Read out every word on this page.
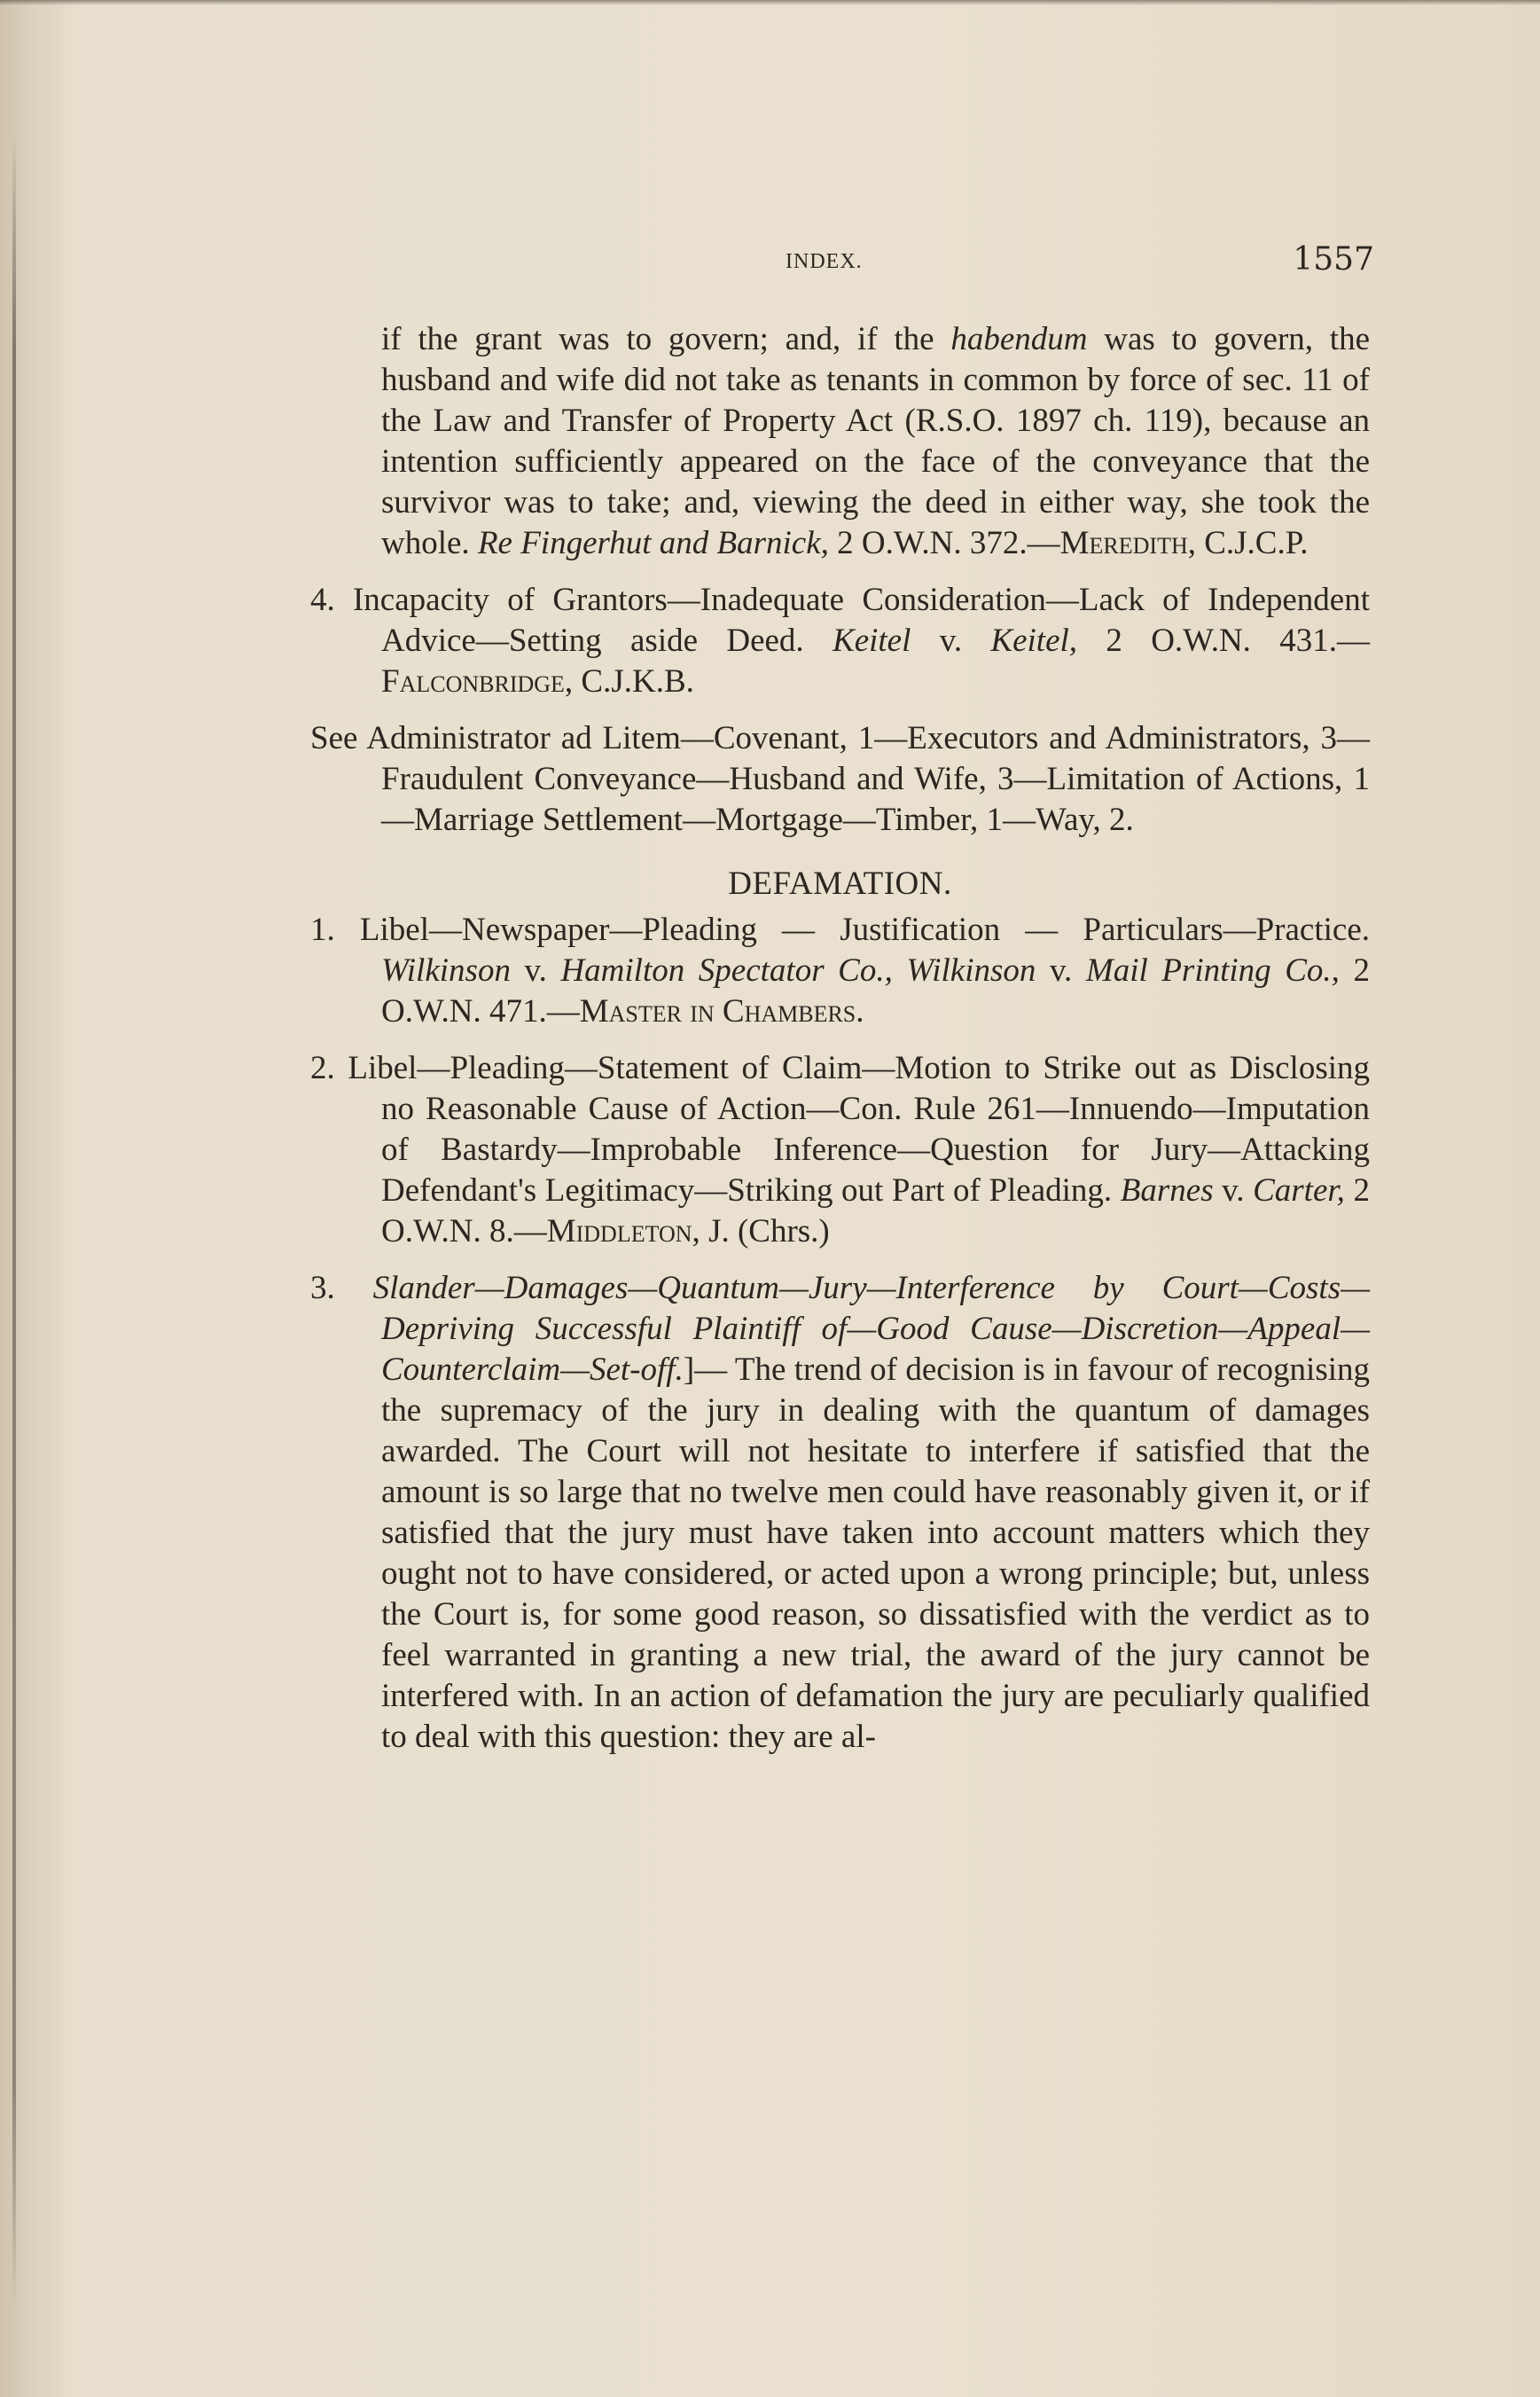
INDEX.	1557

if the grant was to govern; and, if the habendum was to govern, the husband and wife did not take as tenants in common by force of sec. 11 of the Law and Transfer of Property Act (R.S.O. 1897 ch. 119), because an intention sufficiently appeared on the face of the conveyance that the survivor was to take; and, viewing the deed in either way, she took the whole. Re Fingerhut and Barnick, 2 O.W.N. 372.—Meredith, C.J.C.P.

4. Incapacity of Grantors—Inadequate Consideration—Lack of Independent Advice—Setting aside Deed. Keitel v. Keitel, 2 O.W.N. 431.—Falconbridge, C.J.K.B.

See Administrator ad Litem—Covenant, 1—Executors and Administrators, 3—Fraudulent Conveyance—Husband and Wife, 3—Limitation of Actions, 1—Marriage Settlement—Mortgage—Timber, 1—Way, 2.

DEFAMATION.

1. Libel—Newspaper—Pleading — Justification — Particulars—Practice. Wilkinson v. Hamilton Spectator Co., Wilkinson v. Mail Printing Co., 2 O.W.N. 471.—Master in Chambers.

2. Libel—Pleading—Statement of Claim—Motion to Strike out as Disclosing no Reasonable Cause of Action—Con. Rule 261—Innuendo—Imputation of Bastardy—Improbable Inference—Question for Jury—Attacking Defendant's Legitimacy—Striking out Part of Pleading. Barnes v. Carter, 2 O.W.N. 8.—Middleton, J. (Chrs.)

3. Slander—Damages—Quantum—Jury—Interference by Court—Costs—Depriving Successful Plaintiff of—Good Cause—Discretion—Appeal—Counterclaim—Set-off.]— The trend of decision is in favour of recognising the supremacy of the jury in dealing with the quantum of damages awarded. The Court will not hesitate to interfere if satisfied that the amount is so large that no twelve men could have reasonably given it, or if satisfied that the jury must have taken into account matters which they ought not to have considered, or acted upon a wrong principle; but, unless the Court is, for some good reason, so dissatisfied with the verdict as to feel warranted in granting a new trial, the award of the jury cannot be interfered with. In an action of defamation the jury are peculiarly qualified to deal with this question: they are al-
